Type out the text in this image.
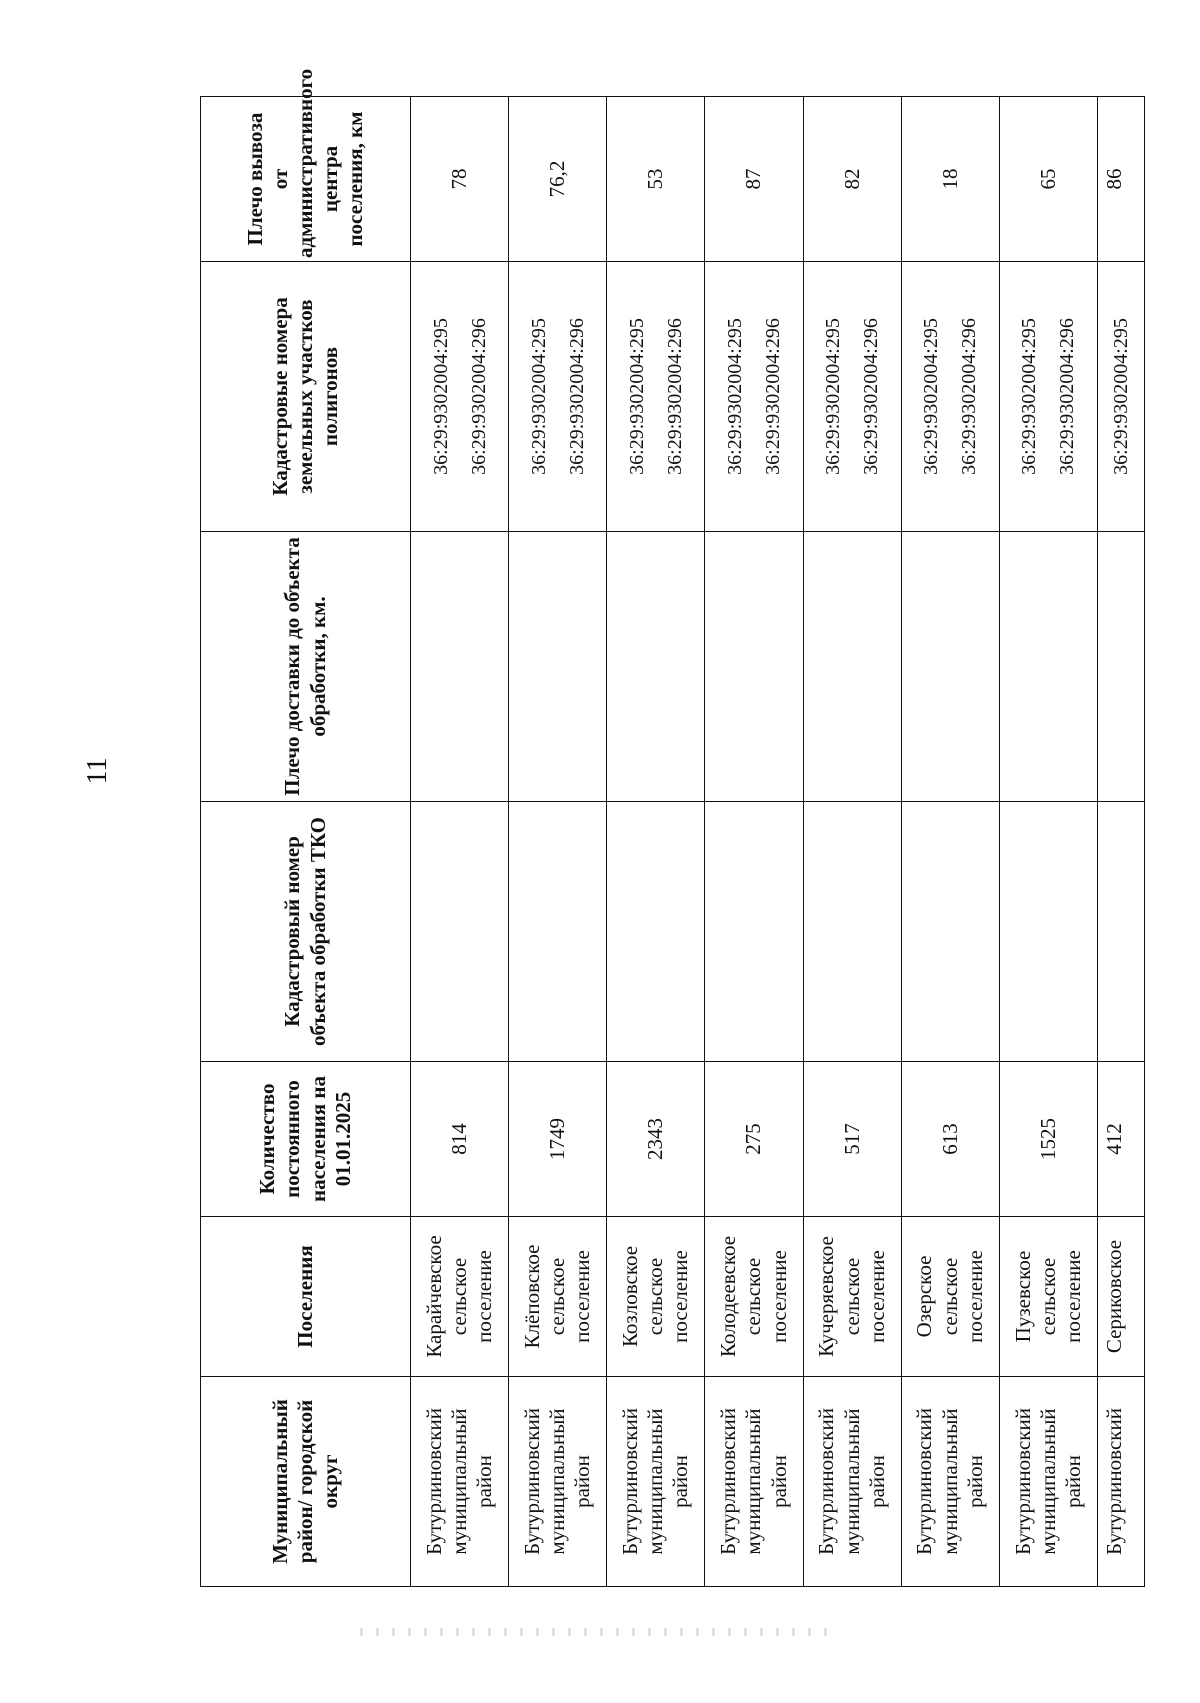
11
Муниципальный район/ городской округ	Поселения	Количество постоянного населения на 01.01.2025	Кадастровый номер объекта обработки ТКО	Плечо доставки до объекта обработки, км.	Кадастровые номера земельных участков полигонов	Плечо вывоза от административного центра поселения, км
Бутурлиновский муниципальный район	Карайчевское сельское поселение	814			36:29:9302004:295 36:29:9302004:296	78
Бутурлиновский муниципальный район	Клёповское сельское поселение	1749			36:29:9302004:295 36:29:9302004:296	76,2
Бутурлиновский муниципальный район	Козловское сельское поселение	2343			36:29:9302004:295 36:29:9302004:296	53
Бутурлиновский муниципальный район	Колодеевское сельское поселение	275			36:29:9302004:295 36:29:9302004:296	87
Бутурлиновский муниципальный район	Кучеряевское сельское поселение	517			36:29:9302004:295 36:29:9302004:296	82
Бутурлиновский муниципальный район	Озерское сельское поселение	613			36:29:9302004:295 36:29:9302004:296	18
Бутурлиновский муниципальный район	Пузевское сельское поселение	1525			36:29:9302004:295 36:29:9302004:296	65
Бутурлиновский	Сериковское	412			36:29:9302004:295	86
